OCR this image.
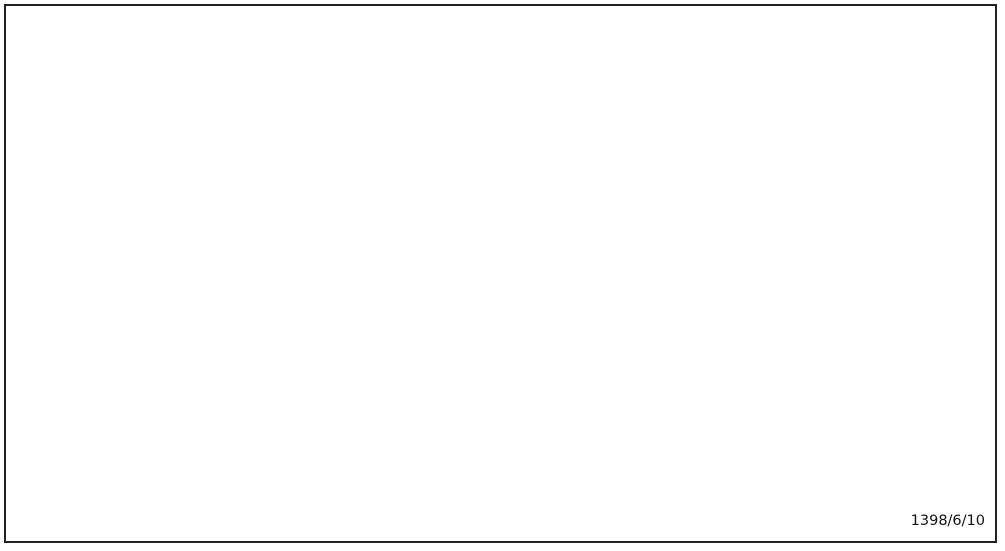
1398/6/10
